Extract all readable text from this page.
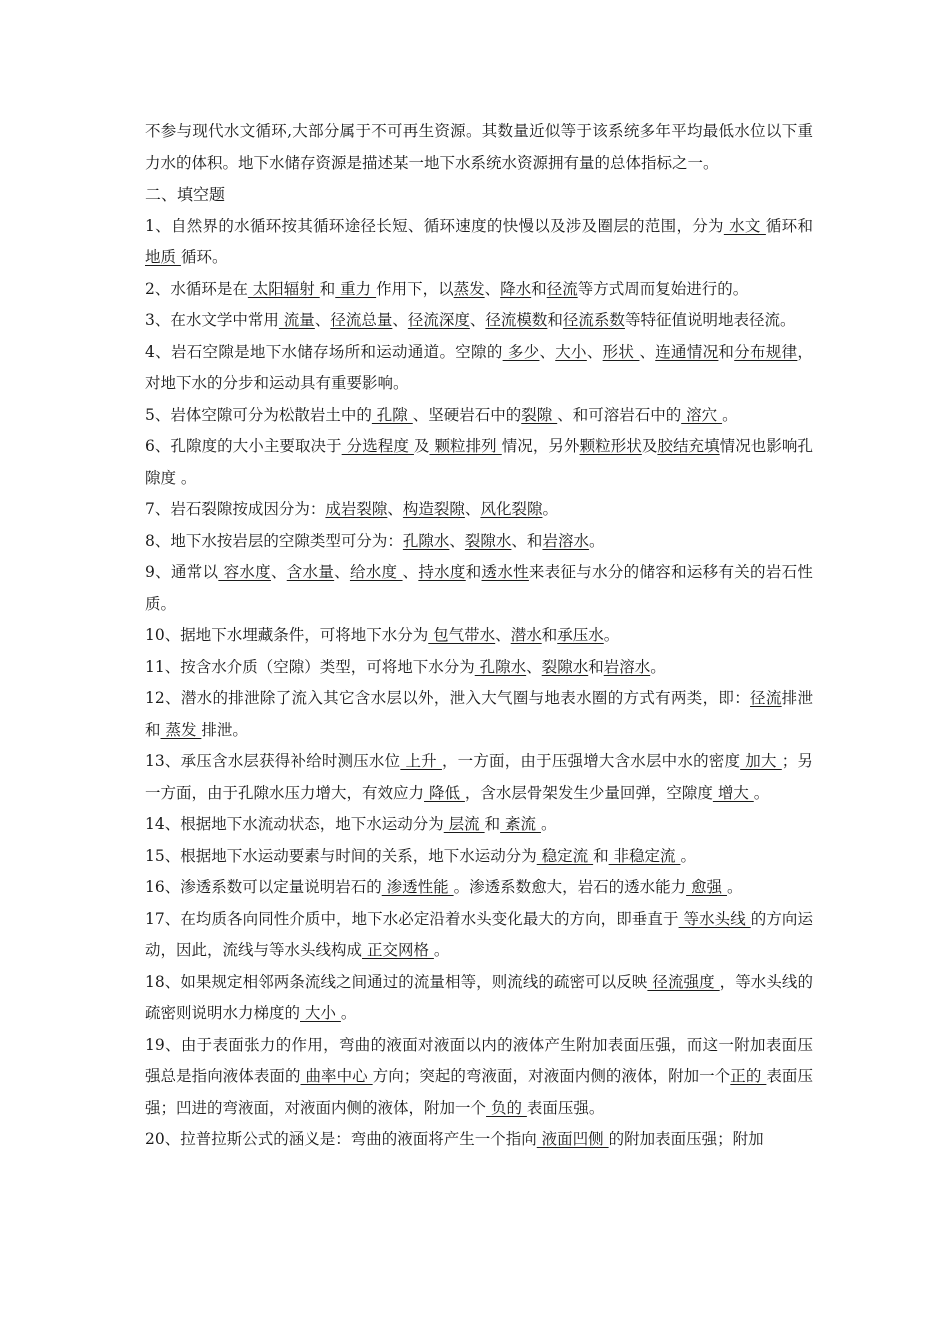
不参与现代水文循环,大部分属于不可再生资源。其数量近似等于该系统多年平均最低水位以下重力水的体积。地下水储存资源是描述某一地下水系统水资源拥有量的总体指标之一。

二、填空题

1、自然界的水循环按其循环途径长短、循环速度的快慢以及涉及圈层的范围，分为 水文 循环和 地质 循环。

2、水循环是在 太阳辐射 和 重力 作用下，以蒸发、降水和径流等方式周而复始进行的。

3、在水文学中常用 流量、径流总量、径流深度、径流模数和径流系数等特征值说明地表径流。

4、岩石空隙是地下水储存场所和运动通道。空隙的 多少、大小、形状 、连通情况和分布规律，对地下水的分步和运动具有重要影响。

5、岩体空隙可分为松散岩土中的 孔隙 、坚硬岩石中的裂隙 、和可溶岩石中的 溶穴 。

6、孔隙度的大小主要取决于 分选程度 及 颗粒排列 情况，另外颗粒形状及胶结充填情况也影响孔隙度 。

7、岩石裂隙按成因分为：成岩裂隙、构造裂隙、风化裂隙。

8、地下水按岩层的空隙类型可分为：孔隙水、裂隙水、和岩溶水。

9、通常以 容水度、含水量、给水度 、持水度和透水性来表征与水分的储容和运移有关的岩石性质。

10、据地下水埋藏条件，可将地下水分为 包气带水、潜水和承压水。

11、按含水介质（空隙）类型，可将地下水分为 孔隙水、裂隙水和岩溶水。

12、潜水的排泄除了流入其它含水层以外，泄入大气圈与地表水圈的方式有两类，即：径流排泄和 蒸发 排泄。

13、承压含水层获得补给时测压水位 上升 ，一方面，由于压强增大含水层中水的密度 加大 ；另一方面，由于孔隙水压力增大，有效应力 降低 ，含水层骨架发生少量回弹，空隙度 增大 。

14、根据地下水流动状态，地下水运动分为 层流 和 紊流 。

15、根据地下水运动要素与时间的关系，地下水运动分为 稳定流 和 非稳定流 。

16、渗透系数可以定量说明岩石的 渗透性能 。渗透系数愈大，岩石的透水能力 愈强 。

17、在均质各向同性介质中，地下水必定沿着水头变化最大的方向，即垂直于 等水头线 的方向运动，因此，流线与等水头线构成 正交网格 。

18、如果规定相邻两条流线之间通过的流量相等，则流线的疏密可以反映 径流强度 ，等水头线的疏密则说明水力梯度的 大小 。

19、由于表面张力的作用，弯曲的液面对液面以内的液体产生附加表面压强，而这一附加表面压强总是指向液体表面的 曲率中心 方向；突起的弯液面，对液面内侧的液体，附加一个正的 表面压强；凹进的弯液面，对液面内侧的液体，附加一个 负的 表面压强。

20、拉普拉斯公式的涵义是：弯曲的液面将产生一个指向 液面凹侧 的附加表面压强；附加
